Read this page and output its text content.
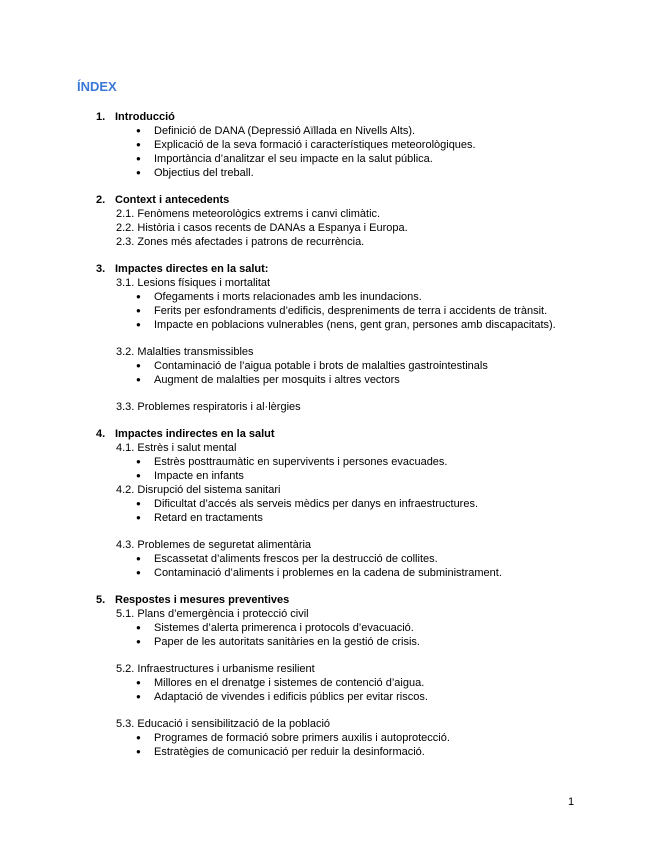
ÍNDEX
1. Introducció
● Definició de DANA (Depressió Aïllada en Nivells Alts).
● Explicació de la seva formació i característiques meteorològiques.
● Importància d’analitzar el seu impacte en la salut pública.
● Objectius del treball.
2. Context i antecedents
2.1. Fenòmens meteorològics extrems i canvi climàtic.
2.2. Història i casos recents de DANAs a Espanya i Europa.
2.3. Zones més afectades i patrons de recurrència.
3. Impactes directes en la salut:
3.1. Lesions físiques i mortalitat
● Ofegaments i morts relacionades amb les inundacions.
● Ferits per esfondraments d’edificis, despreniments de terra i accidents de trànsit.
● Impacte en poblacions vulnerables (nens, gent gran, persones amb discapacitats).
3.2. Malalties transmissibles
● Contaminació de l’aigua potable i brots de malalties gastrointestinals
● Augment de malalties per mosquits i altres vectors
3.3. Problemes respiratoris i al·lèrgies
4. Impactes indirectes en la salut
4.1. Estrès i salut mental
● Estrès posttraumàtic en supervivents i persones evacuades.
● Impacte en infants
4.2. Disrupció del sistema sanitari
● Dificultat d’accés als serveis mèdics per danys en infraestructures.
● Retard en tractaments
4.3. Problemes de seguretat alimentària
● Escassetat d’aliments frescos per la destrucció de collites.
● Contaminació d’aliments i problemes en la cadena de subministrament.
5. Respostes i mesures preventives
5.1. Plans d’emergència i protecció civil
● Sistemes d’alerta primerenca i protocols d’evacuació.
● Paper de les autoritats sanitàries en la gestió de crisis.
5.2. Infraestructures i urbanisme resilient
● Millores en el drenatge i sistemes de contenció d’aigua.
● Adaptació de vivendes i edificis públics per evitar riscos.
5.3. Educació i sensibilització de la població
● Programes de formació sobre primers auxilis i autoprotecció.
● Estratègies de comunicació per reduir la desinformació.
1
